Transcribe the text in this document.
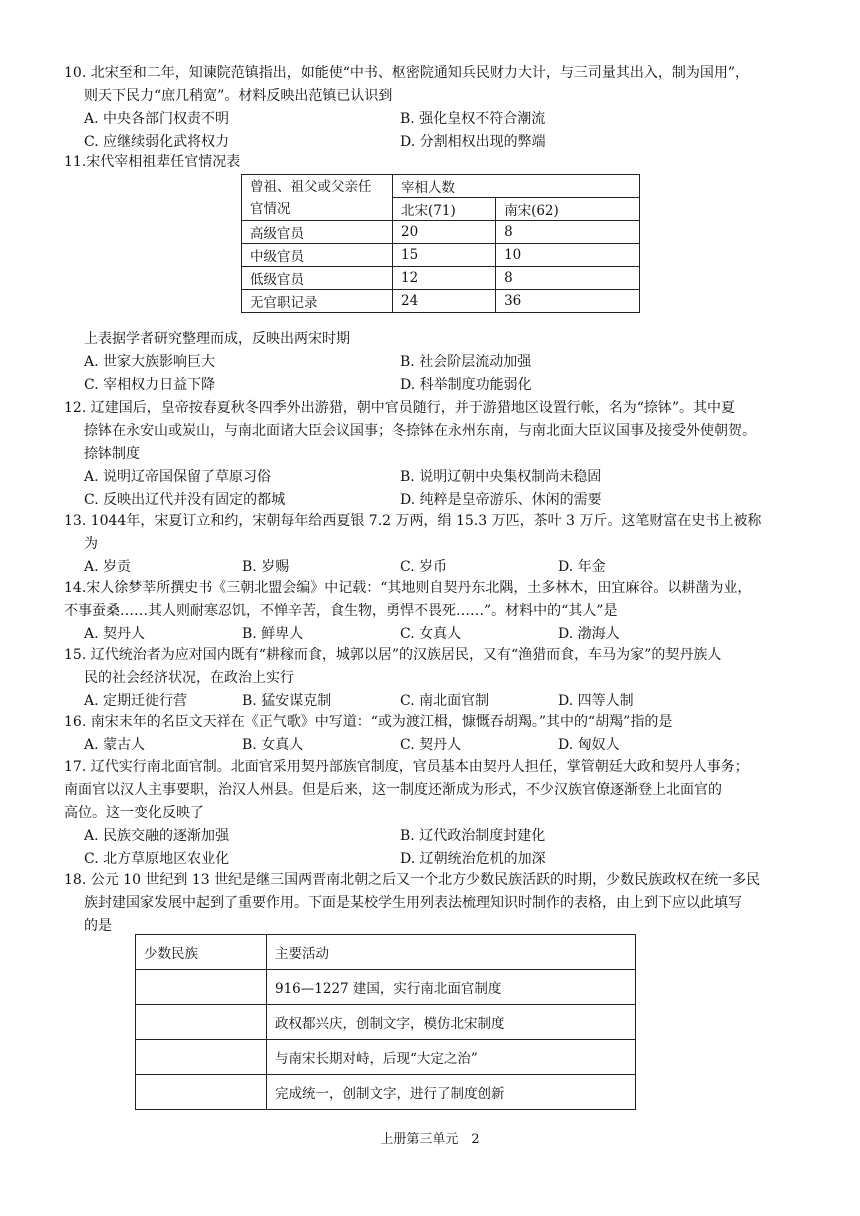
10. 北宋至和二年，知谏院范镇指出，如能使“中书、枢密院通知兵民财力大计，与三司量其出入，制为国用”，

则天下民力“庶几稍宽”。材料反映出范镇已认识到

A. 中央各部门权责不明	B. 强化皇权不符合潮流
C. 应继续弱化武将权力	D. 分割相权出现的弊端

11.宋代宰相祖辈任官情况表

曾祖、祖父或父亲任官情况	宰相人数	
	北宋(71)	南宋(62)
高级官员	20	8
中级官员	15	10
低级官员	12	8
无官职记录	24	36

上表据学者研究整理而成，反映出两宋时期

A. 世家大族影响巨大	B. 社会阶层流动加强
C. 宰相权力日益下降	D. 科举制度功能弱化

12. 辽建国后，皇帝按春夏秋冬四季外出游猎，朝中官员随行，并于游猎地区设置行帐，名为“捺钵”。其中夏

捺钵在永安山或炭山，与南北面诸大臣会议国事；冬捺钵在永州东南，与南北面大臣议国事及接受外使朝贺。

捺钵制度

A. 说明辽帝国保留了草原习俗	B. 说明辽朝中央集权制尚未稳固
C. 反映出辽代并没有固定的都城	D. 纯粹是皇帝游乐、休闲的需要

13. 1044年，宋夏订立和约，宋朝每年给西夏银 7.2 万两，绢 15.3 万匹，茶叶 3 万斤。这笔财富在史书上被称

为

A. 岁贡	B. 岁赐	C. 岁币	D. 年金

14.宋人徐梦莘所撰史书《三朝北盟会编》中记载：“其地则自契丹东北隅，土多林木，田宜麻谷。以耕凿为业，

不事蚕桑……其人则耐寒忍饥，不惮辛苦，食生物，勇悍不畏死……”。材料中的“其人”是

A. 契丹人	B. 鲜卑人	C. 女真人	D. 渤海人

15. 辽代统治者为应对国内既有“耕稼而食，城郭以居”的汉族居民，又有“渔猎而食，车马为家”的契丹族人

民的社会经济状况，在政治上实行

A. 定期迁徙行营	B. 猛安谋克制	C. 南北面官制	D. 四等人制

16. 南宋末年的名臣文天祥在《正气歌》中写道：“或为渡江楫，慷慨吞胡羯。”其中的“胡羯”指的是

A. 蒙古人	B. 女真人	C. 契丹人	D. 匈奴人

17. 辽代实行南北面官制。北面官采用契丹部族官制度，官员基本由契丹人担任，掌管朝廷大政和契丹人事务；

南面官以汉人主事要职，治汉人州县。但是后来，这一制度还渐成为形式，不少汉族官僚逐渐登上北面官的

高位。这一变化反映了

A. 民族交融的逐渐加强	B. 辽代政治制度封建化
C. 北方草原地区农业化	D. 辽朝统治危机的加深

18. 公元 10 世纪到 13 世纪是继三国两晋南北朝之后又一个北方少数民族活跃的时期，少数民族政权在统一多民

族封建国家发展中起到了重要作用。下面是某校学生用列表法梳理知识时制作的表格，由上到下应以此填写

的是

少数民族	主要活动
	916—1227 建国，实行南北面官制度
	政权都兴庆，创制文字，模仿北宋制度
	与南宋长期对峙，后现“大定之治”
	完成统一，创制文字，进行了制度创新
上册第三单元　2
